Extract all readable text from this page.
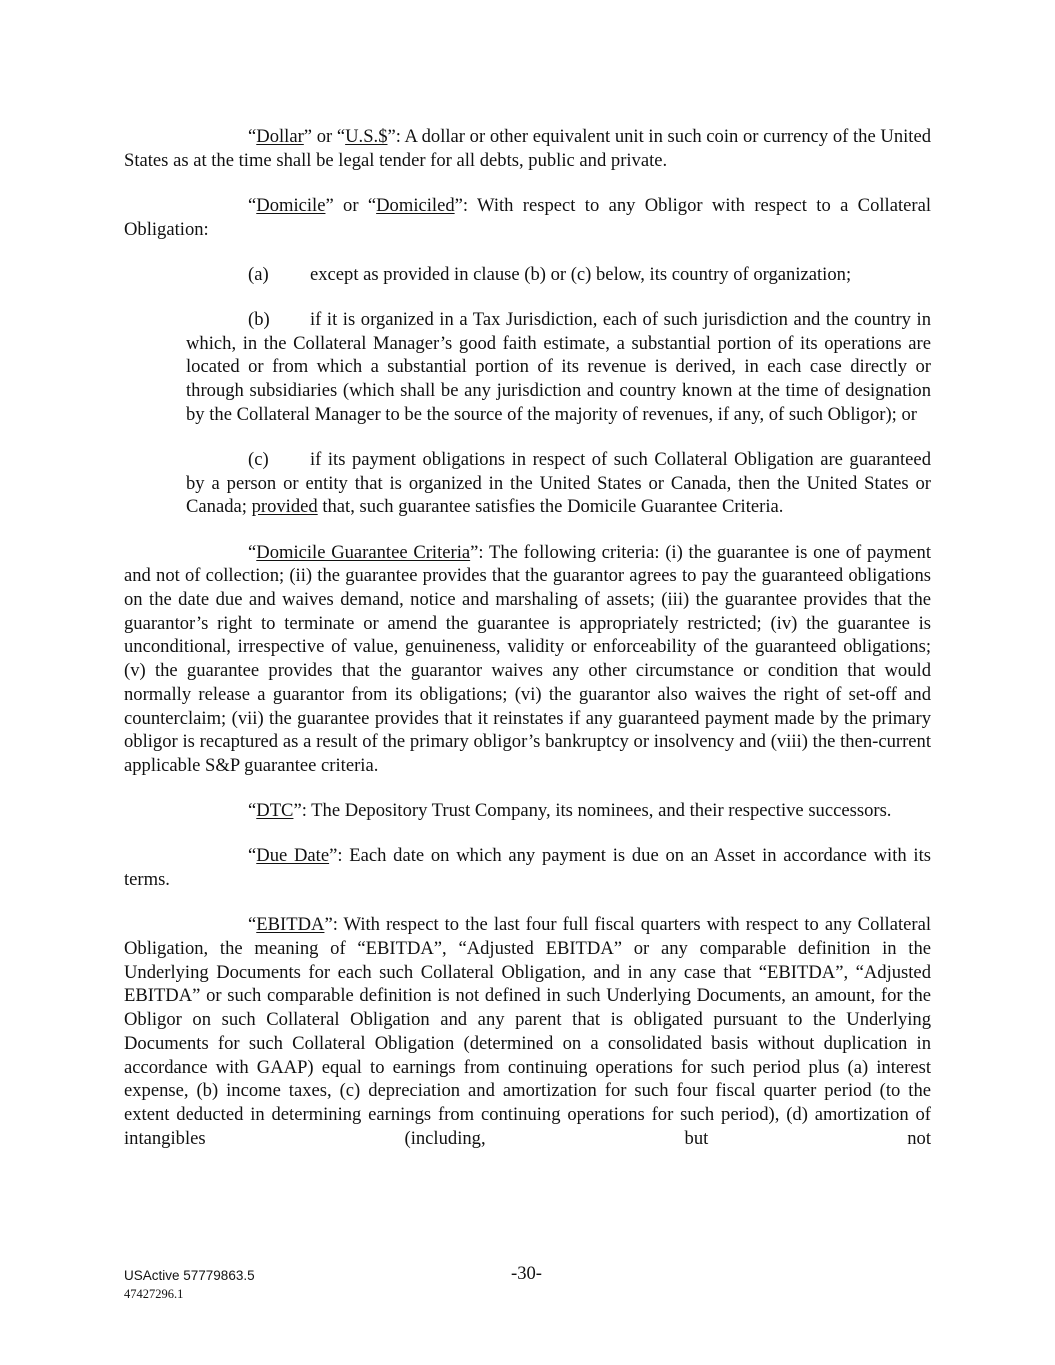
“Dollar” or “U.S.$”: A dollar or other equivalent unit in such coin or currency of the United States as at the time shall be legal tender for all debts, public and private.

“Domicile” or “Domiciled”: With respect to any Obligor with respect to a Collateral Obligation:

(a) except as provided in clause (b) or (c) below, its country of organization;

(b) if it is organized in a Tax Jurisdiction, each of such jurisdiction and the country in which, in the Collateral Manager’s good faith estimate, a substantial portion of its operations are located or from which a substantial portion of its revenue is derived, in each case directly or through subsidiaries (which shall be any jurisdiction and country known at the time of designation by the Collateral Manager to be the source of the majority of revenues, if any, of such Obligor); or

(c) if its payment obligations in respect of such Collateral Obligation are guaranteed by a person or entity that is organized in the United States or Canada, then the United States or Canada; provided that, such guarantee satisfies the Domicile Guarantee Criteria.

“Domicile Guarantee Criteria”: The following criteria: (i) the guarantee is one of payment and not of collection; (ii) the guarantee provides that the guarantor agrees to pay the guaranteed obligations on the date due and waives demand, notice and marshaling of assets; (iii) the guarantee provides that the guarantor’s right to terminate or amend the guarantee is appropriately restricted; (iv) the guarantee is unconditional, irrespective of value, genuineness, validity or enforceability of the guaranteed obligations; (v) the guarantee provides that the guarantor waives any other circumstance or condition that would normally release a guarantor from its obligations; (vi) the guarantor also waives the right of set-off and counterclaim; (vii) the guarantee provides that it reinstates if any guaranteed payment made by the primary obligor is recaptured as a result of the primary obligor’s bankruptcy or insolvency and (viii) the then-current applicable S&P guarantee criteria.

“DTC”: The Depository Trust Company, its nominees, and their respective successors.

“Due Date”: Each date on which any payment is due on an Asset in accordance with its terms.

“EBITDA”: With respect to the last four full fiscal quarters with respect to any Collateral Obligation, the meaning of “EBITDA”, “Adjusted EBITDA” or any comparable definition in the Underlying Documents for each such Collateral Obligation, and in any case that “EBITDA”, “Adjusted EBITDA” or such comparable definition is not defined in such Underlying Documents, an amount, for the Obligor on such Collateral Obligation and any parent that is obligated pursuant to the Underlying Documents for such Collateral Obligation (determined on a consolidated basis without duplication in accordance with GAAP) equal to earnings from continuing operations for such period plus (a) interest expense, (b) income taxes, (c) depreciation and amortization for such four fiscal quarter period (to the extent deducted in determining earnings from continuing operations for such period), (d) amortization of intangibles (including, but not

USActive 57779863.5
47427296.1
-30-
